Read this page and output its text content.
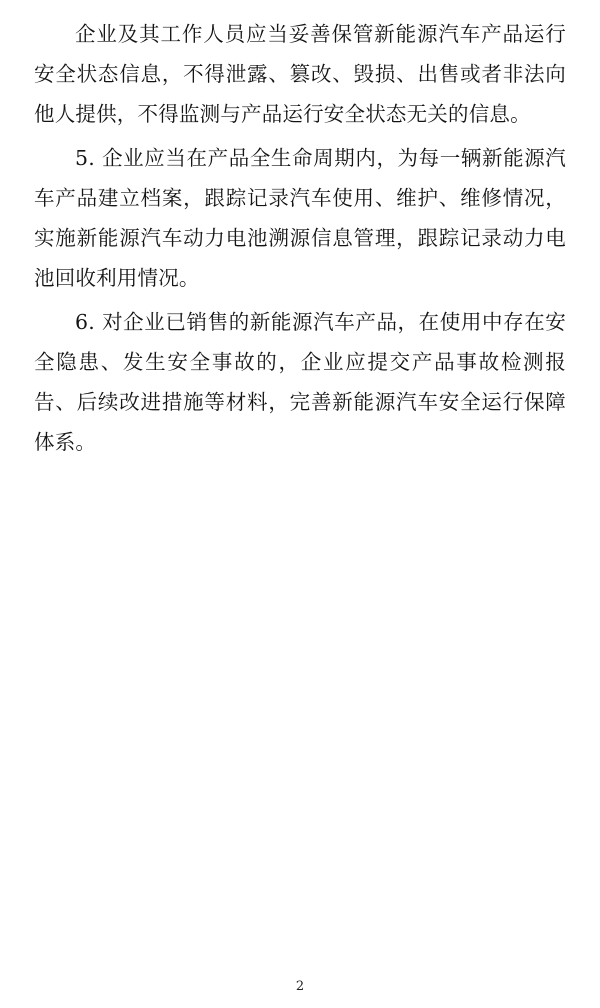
企业及其工作人员应当妥善保管新能源汽车产品运行安全状态信息，不得泄露、篡改、毁损、出售或者非法向他人提供，不得监测与产品运行安全状态无关的信息。

5. 企业应当在产品全生命周期内，为每一辆新能源汽车产品建立档案，跟踪记录汽车使用、维护、维修情况，实施新能源汽车动力电池溯源信息管理，跟踪记录动力电池回收利用情况。

6. 对企业已销售的新能源汽车产品，在使用中存在安全隐患、发生安全事故的，企业应提交产品事故检测报告、后续改进措施等材料，完善新能源汽车安全运行保障体系。

2
